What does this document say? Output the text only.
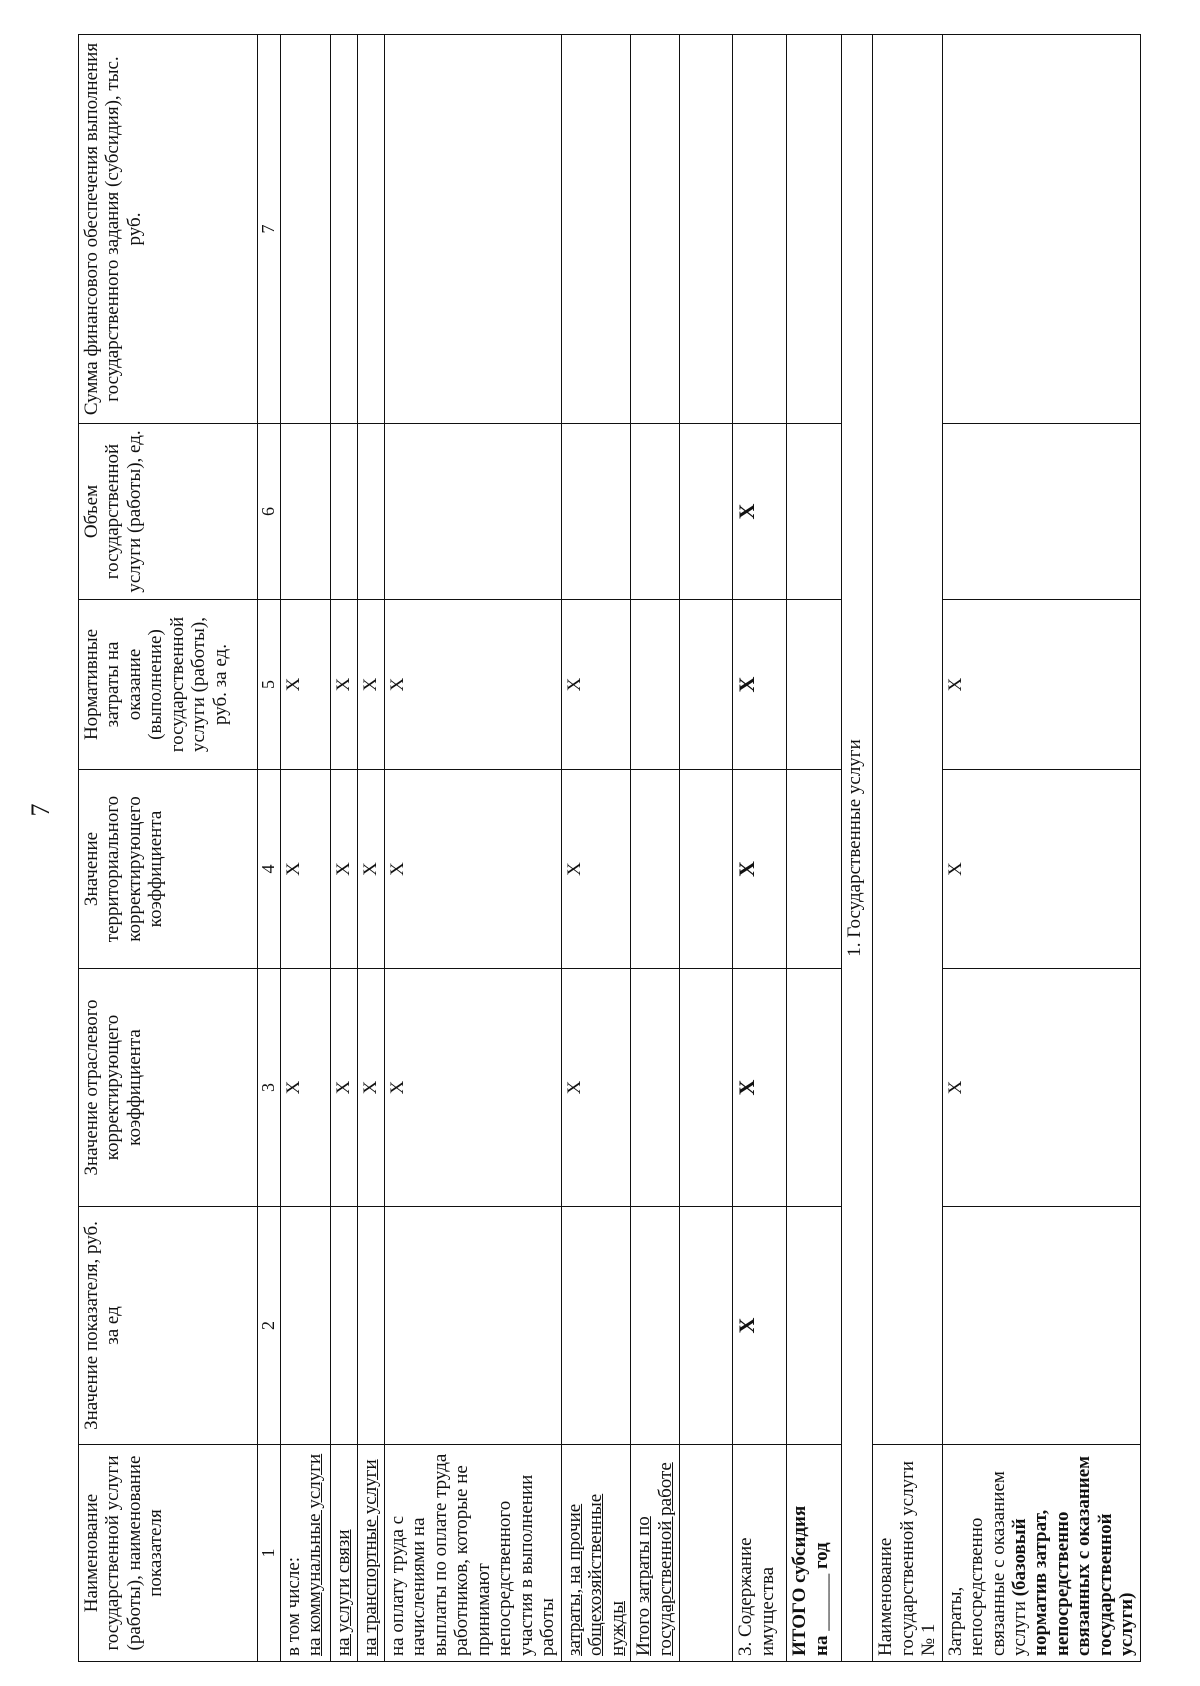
7
Наименование государственной услуги (работы), наименование показателя	Значение показателя, руб. за ед	Значение отраслевого корректирующего коэффициента	Значение территориального корректирующего коэффициента	Нормативные затраты на оказание (выполнение) государственной услуги (работы), руб. за ед.	Объем государственной услуги (работы), ед.	Сумма финансового обеспечения выполнения государственного задания (субсидия), тыс. руб.
1	2	3	4	5	6	7
в том числе:
на коммунальные услуги		X	X	X		
на услуги связи		X	X	X		
на транспортные услуги		X	X	X		
на оплату труда с начислениями на выплаты по оплате труда работников, которые не принимают непосредственного участия в выполнении работы		X	X	X		
затраты, на прочие общехозяйственные нужды		X	X	X		
Итого затраты по государственной работе						

3. Содержание имущества	X	X	X	X	X	
ИТОГО субсидия
на ______ год						
1. Государственные услуги						
Наименование государственной услуги № 1						
Затраты, непосредственно связанные с оказанием услуги (базовый норматив затрат, непосредственно связанных с оказанием государственной услуги)		X	X	X		
